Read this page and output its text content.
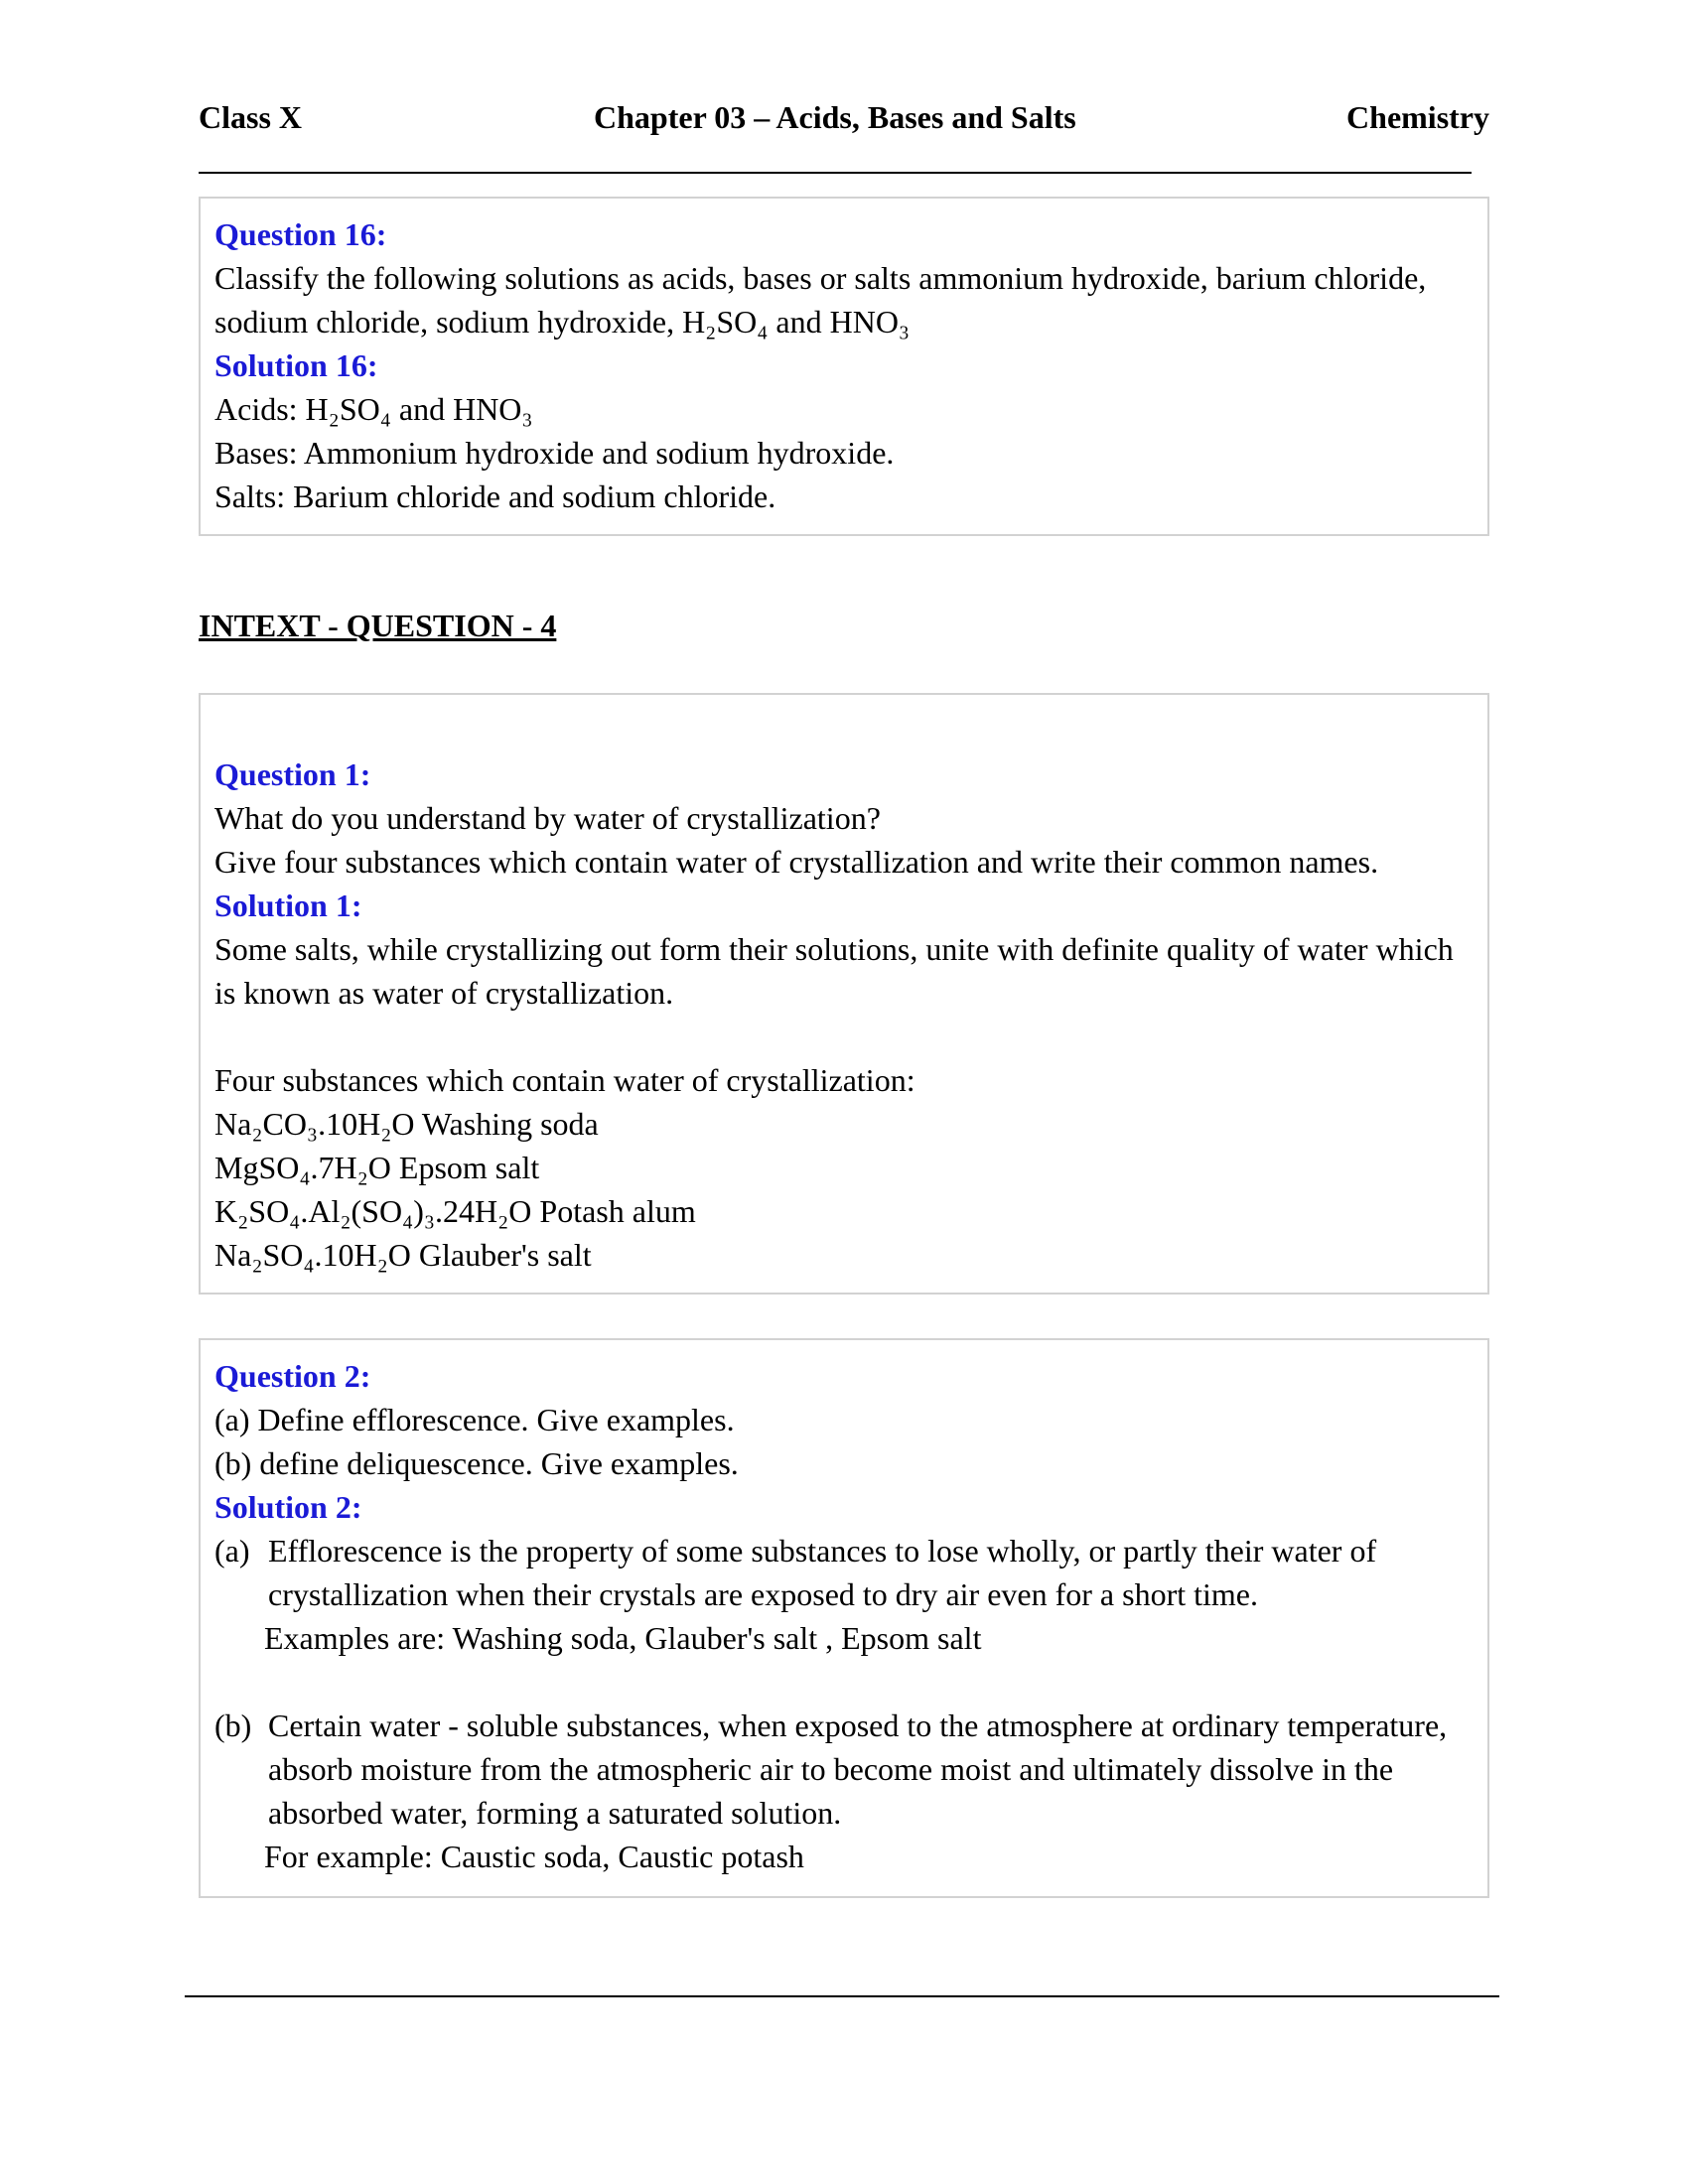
Class X	Chapter 03 – Acids, Bases and Salts	Chemistry
Question 16:
Classify the following solutions as acids, bases or salts ammonium hydroxide, barium chloride,
sodium chloride, sodium hydroxide, H₂SO₄ and HNO₃
Solution 16:
Acids: H₂SO₄ and HNO₃
Bases: Ammonium hydroxide and sodium hydroxide.
Salts: Barium chloride and sodium chloride.
INTEXT - QUESTION - 4
Question 1:
What do you understand by water of crystallization?
Give four substances which contain water of crystallization and write their common names.
Solution 1:
Some salts, while crystallizing out form their solutions, unite with definite quality of water which
is known as water of crystallization.
Four substances which contain water of crystallization:
Na₂CO₃.10H₂O Washing soda
MgSO₄.7H₂O Epsom salt
K₂SO₄.Al₂(SO₄)₃.24H₂O Potash alum
Na₂SO₄.10H₂O Glauber's salt
Question 2:
(a) Define efflorescence. Give examples.
(b) define deliquescence. Give examples.
Solution 2:
(a) Efflorescence is the property of some substances to lose wholly, or partly their water of
crystallization when their crystals are exposed to dry air even for a short time.
Examples are: Washing soda, Glauber's salt , Epsom salt
(b) Certain water - soluble substances, when exposed to the atmosphere at ordinary temperature,
absorb moisture from the atmospheric air to become moist and ultimately dissolve in the
absorbed water, forming a saturated solution.
For example: Caustic soda, Caustic potash
